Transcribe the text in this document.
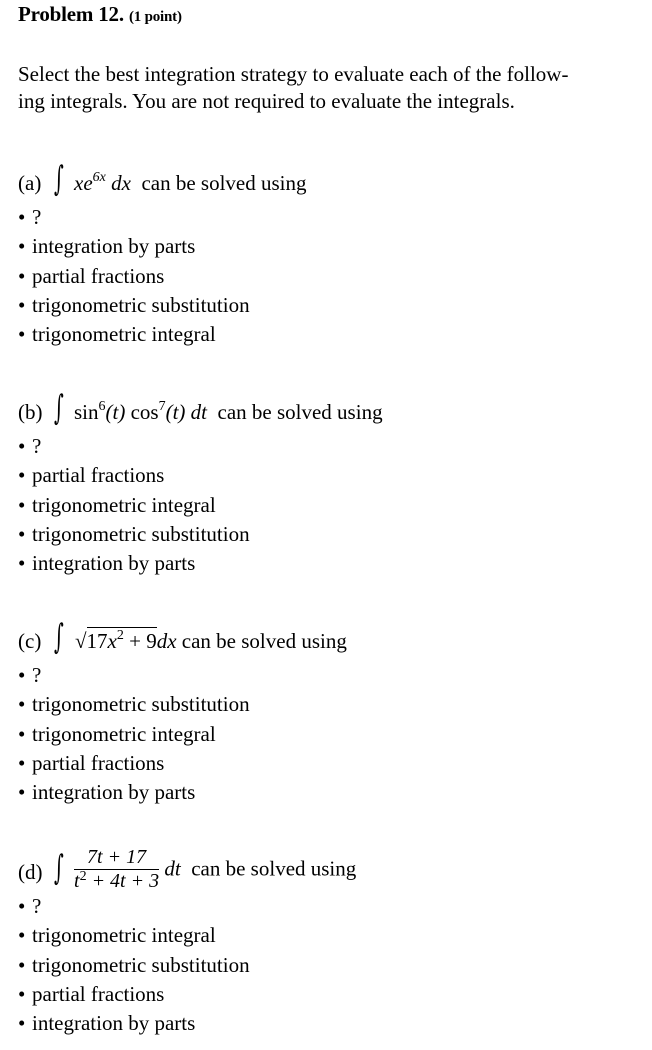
Problem 12. (1 point)
Select the best integration strategy to evaluate each of the follow-
ing integrals. You are not required to evaluate the integrals.
(a) ∫ $xe^{6x}$ dx can be solved using
• ?
• integration by parts
• partial fractions
• trigonometric substitution
• trigonometric integral
(b) ∫ $\sin^6(t)$ $\cos^7(t)$ dt can be solved using
• ?
• partial fractions
• trigonometric integral
• trigonometric substitution
• integration by parts
(c) ∫ $√17x^2 + 9dx$ can be solved using
• ?
• trigonometric substitution
• trigonometric integral
• partial fractions
• integration by parts
(d) ∫ $\frac{7t + 17}{t^2 + 4t + 3}$ dt can be solved using
• ?
• trigonometric integral
• trigonometric substitution
• partial fractions
• integration by parts
